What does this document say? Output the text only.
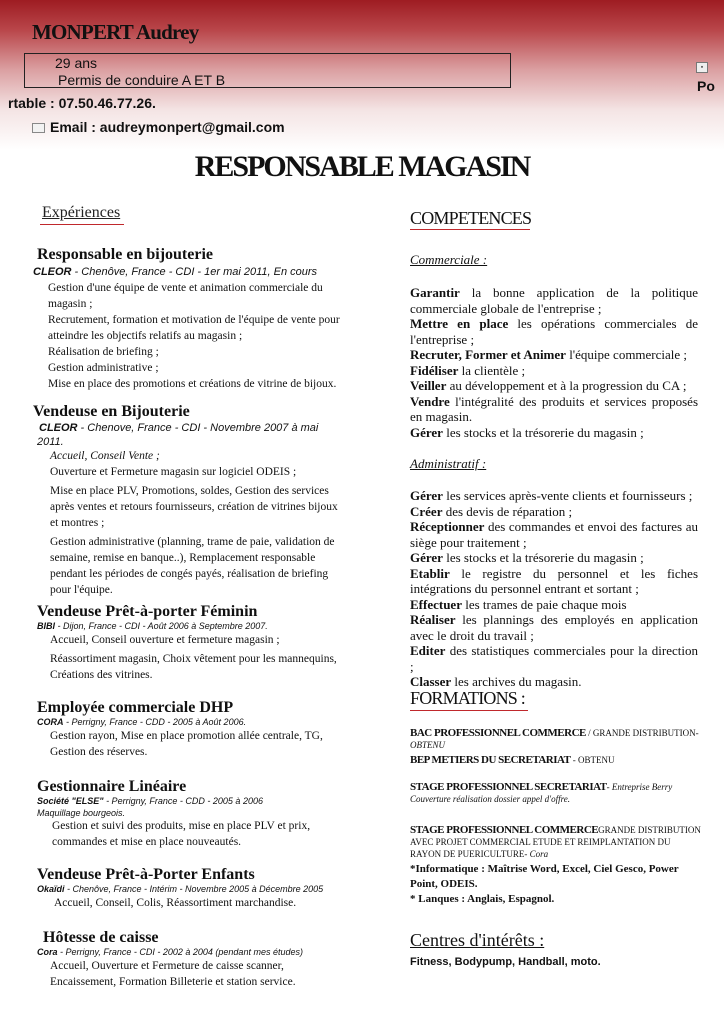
MONPERT Audrey
29 ans
Permis de conduire A ET B
rtable : 07.50.46.77.26.
▪
Po
Email : audreymonpert@gmail.com
RESPONSABLE MAGASIN
Expériences
Responsable en bijouterie
CLEOR - Chenôve, France - CDI - 1er mai 2011, En cours
Gestion d'une équipe de vente et animation commerciale du
magasin ;
Recrutement, formation et motivation de l'équipe de vente pour
atteindre les objectifs relatifs au magasin ;
Réalisation de briefing ;
Gestion administrative ;
Mise en place des promotions et créations de vitrine de bijoux.
Vendeuse en Bijouterie
CLEOR - Chenove, France - CDI - Novembre 2007 à mai
2011.
Accueil, Conseil Vente ;
Ouverture et Fermeture magasin sur logiciel ODEIS ;
Mise en place PLV, Promotions, soldes, Gestion des services
après ventes et retours fournisseurs, création de vitrines bijoux
et montres ;
Gestion administrative (planning, trame de paie, validation de
semaine, remise en banque..), Remplacement responsable
pendant les périodes de congés payés, réalisation de briefing
pour l'équipe.
Vendeuse Prêt-à-porter Féminin
BIBI - Dijon, France - CDI - Août 2006 à Septembre 2007.
Accueil, Conseil ouverture et fermeture magasin ;
Réassortiment magasin, Choix vêtement pour les mannequins,
Créations des vitrines.
Employée commerciale DHP
CORA - Perrigny, France - CDD - 2005 à Août 2006.
Gestion rayon, Mise en place promotion allée centrale, TG,
Gestion des réserves.
Gestionnaire Linéaire
Société "ELSE" - Perrigny, France - CDD - 2005 à 2006
Maquillage bourgeois.
Gestion et suivi des produits, mise en place PLV et prix,
commandes et mise en place nouveautés.
Vendeuse Prêt-à-Porter Enfants
Okaïdi - Chenôve, France - Intérim - Novembre 2005 à Décembre 2005
Accueil, Conseil, Colis, Réassortiment marchandise.
Hôtesse de caisse
Cora - Perrigny, France - CDI - 2002 à 2004 (pendant mes études)
Accueil, Ouverture et Fermeture de caisse scanner,
Encaissement, Formation Billeterie et station service.
COMPETENCES
Commerciale :
Garantir la bonne application de la politique commerciale globale de l'entreprise ;
Mettre en place les opérations commerciales de l'entreprise ;
Recruter, Former et Animer l'équipe commerciale ;
Fidéliser la clientèle ;
Veiller au développement et à la progression du CA ;
Vendre l'intégralité des produits et services proposés en magasin.
Gérer les stocks et la trésorerie du magasin ;
Administratif :
Gérer les services après-vente clients et fournisseurs ;
Créer des devis de réparation ;
Réceptionner des commandes et envoi des factures au siège pour traitement ;
Gérer les stocks et la trésorerie du magasin ;
Etablir le registre du personnel et les fiches intégrations du personnel entrant et sortant ;
Effectuer les trames de paie chaque mois
Réaliser les plannings des employés en application avec le droit du travail ;
Editer des statistiques commerciales pour la direction ;
Classer les archives du magasin.
FORMATIONS :
BAC PROFESSIONNEL COMMERCE / GRANDE DISTRIBUTION-
OBTENU
BEP METIERS DU SECRETARIAT - OBTENU
STAGE PROFESSIONNEL SECRETARIAT- Entreprise Berry
Couverture réalisation dossier appel d'offre.
STAGE PROFESSIONNEL COMMERCEGRANDE DISTRIBUTION AVEC PROJET COMMERCIAL ETUDE ET REIMPLANTATION DU RAYON DE PUERICULTURE- Cora
*Informatique : Maîtrise Word, Excel, Ciel Gesco, Power Point, ODEIS.
* Lanques : Anglais, Espagnol.
Centres d'intérêts :
Fitness, Bodypump, Handball, moto.
